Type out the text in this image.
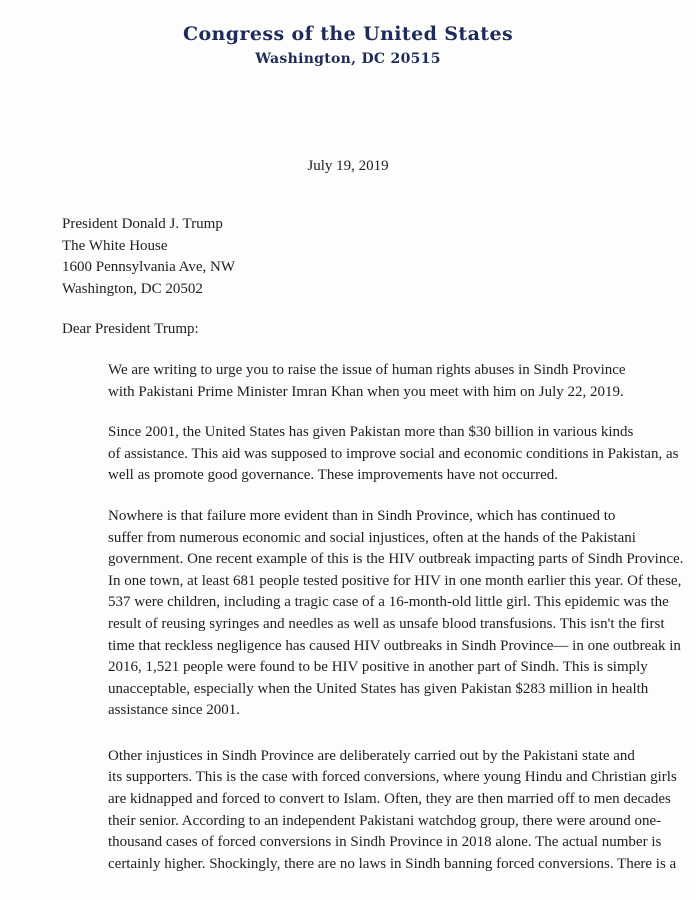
Congress of the United States
Washington, DC 20515
July 19, 2019
President Donald J. Trump
The White House
1600 Pennsylvania Ave, NW
Washington, DC 20502
Dear President Trump:
We are writing to urge you to raise the issue of human rights abuses in Sindh Province
with Pakistani Prime Minister Imran Khan when you meet with him on July 22, 2019.
Since 2001, the United States has given Pakistan more than $30 billion in various kinds
of assistance. This aid was supposed to improve social and economic conditions in Pakistan, as
well as promote good governance. These improvements have not occurred.
Nowhere is that failure more evident than in Sindh Province, which has continued to
suffer from numerous economic and social injustices, often at the hands of the Pakistani
government. One recent example of this is the HIV outbreak impacting parts of Sindh Province.
In one town, at least 681 people tested positive for HIV in one month earlier this year. Of these,
537 were children, including a tragic case of a 16-month-old little girl. This epidemic was the
result of reusing syringes and needles as well as unsafe blood transfusions. This isn't the first
time that reckless negligence has caused HIV outbreaks in Sindh Province— in one outbreak in
2016, 1,521 people were found to be HIV positive in another part of Sindh. This is simply
unacceptable, especially when the United States has given Pakistan $283 million in health
assistance since 2001.
Other injustices in Sindh Province are deliberately carried out by the Pakistani state and
its supporters. This is the case with forced conversions, where young Hindu and Christian girls
are kidnapped and forced to convert to Islam. Often, they are then married off to men decades
their senior. According to an independent Pakistani watchdog group, there were around one-
thousand cases of forced conversions in Sindh Province in 2018 alone. The actual number is
certainly higher. Shockingly, there are no laws in Sindh banning forced conversions. There is a
